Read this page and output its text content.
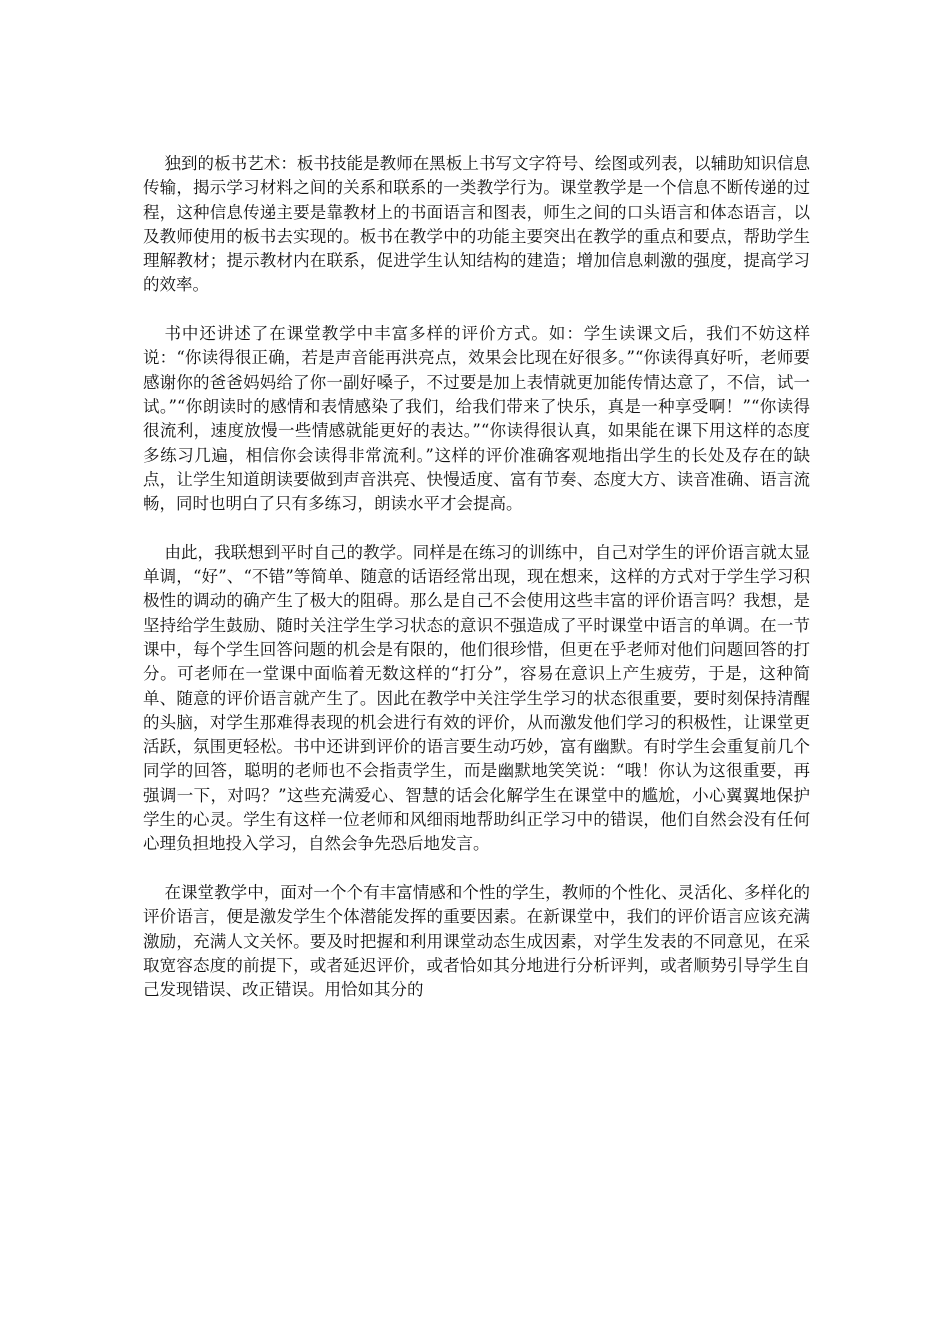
独到的板书艺术：板书技能是教师在黑板上书写文字符号、绘图或列表，以辅助知识信息传输，揭示学习材料之间的关系和联系的一类教学行为。课堂教学是一个信息不断传递的过程，这种信息传递主要是靠教材上的书面语言和图表，师生之间的口头语言和体态语言，以及教师使用的板书去实现的。板书在教学中的功能主要突出在教学的重点和要点，帮助学生理解教材；提示教材内在联系，促进学生认知结构的建造；增加信息刺激的强度，提高学习的效率。

书中还讲述了在课堂教学中丰富多样的评价方式。如：学生读课文后，我们不妨这样说：“你读得很正确，若是声音能再洪亮点，效果会比现在好很多。”“你读得真好听，老师要感谢你的爸爸妈妈给了你一副好嗓子，不过要是加上表情就更加能传情达意了，不信，试一试。”“你朗读时的感情和表情感染了我们，给我们带来了快乐，真是一种享受啊！”“你读得很流利，速度放慢一些情感就能更好的表达。”“你读得很认真，如果能在课下用这样的态度多练习几遍，相信你会读得非常流利。”这样的评价准确客观地指出学生的长处及存在的缺点，让学生知道朗读要做到声音洪亮、快慢适度、富有节奏、态度大方、读音准确、语言流畅，同时也明白了只有多练习，朗读水平才会提高。

由此，我联想到平时自己的教学。同样是在练习的训练中，自己对学生的评价语言就太显单调，“好”、“不错”等简单、随意的话语经常出现，现在想来，这样的方式对于学生学习积极性的调动的确产生了极大的阻碍。那么是自己不会使用这些丰富的评价语言吗？我想，是坚持给学生鼓励、随时关注学生学习状态的意识不强造成了平时课堂中语言的单调。在一节课中，每个学生回答问题的机会是有限的，他们很珍惜，但更在乎老师对他们问题回答的打分。可老师在一堂课中面临着无数这样的“打分”，容易在意识上产生疲劳，于是，这种简单、随意的评价语言就产生了。因此在教学中关注学生学习的状态很重要，要时刻保持清醒的头脑，对学生那难得表现的机会进行有效的评价，从而激发他们学习的积极性，让课堂更活跃，氛围更轻松。书中还讲到评价的语言要生动巧妙，富有幽默。有时学生会重复前几个同学的回答，聪明的老师也不会指责学生，而是幽默地笑笑说：“哦！你认为这很重要，再强调一下，对吗？”这些充满爱心、智慧的话会化解学生在课堂中的尴尬，小心翼翼地保护学生的心灵。学生有这样一位老师和风细雨地帮助纠正学习中的错误，他们自然会没有任何心理负担地投入学习，自然会争先恐后地发言。

在课堂教学中，面对一个个有丰富情感和个性的学生，教师的个性化、灵活化、多样化的评价语言，便是激发学生个体潜能发挥的重要因素。在新课堂中，我们的评价语言应该充满激励，充满人文关怀。要及时把握和利用课堂动态生成因素，对学生发表的不同意见，在采取宽容态度的前提下，或者延迟评价，或者恰如其分地进行分析评判，或者顺势引导学生自己发现错误、改正错误。用恰如其分的
